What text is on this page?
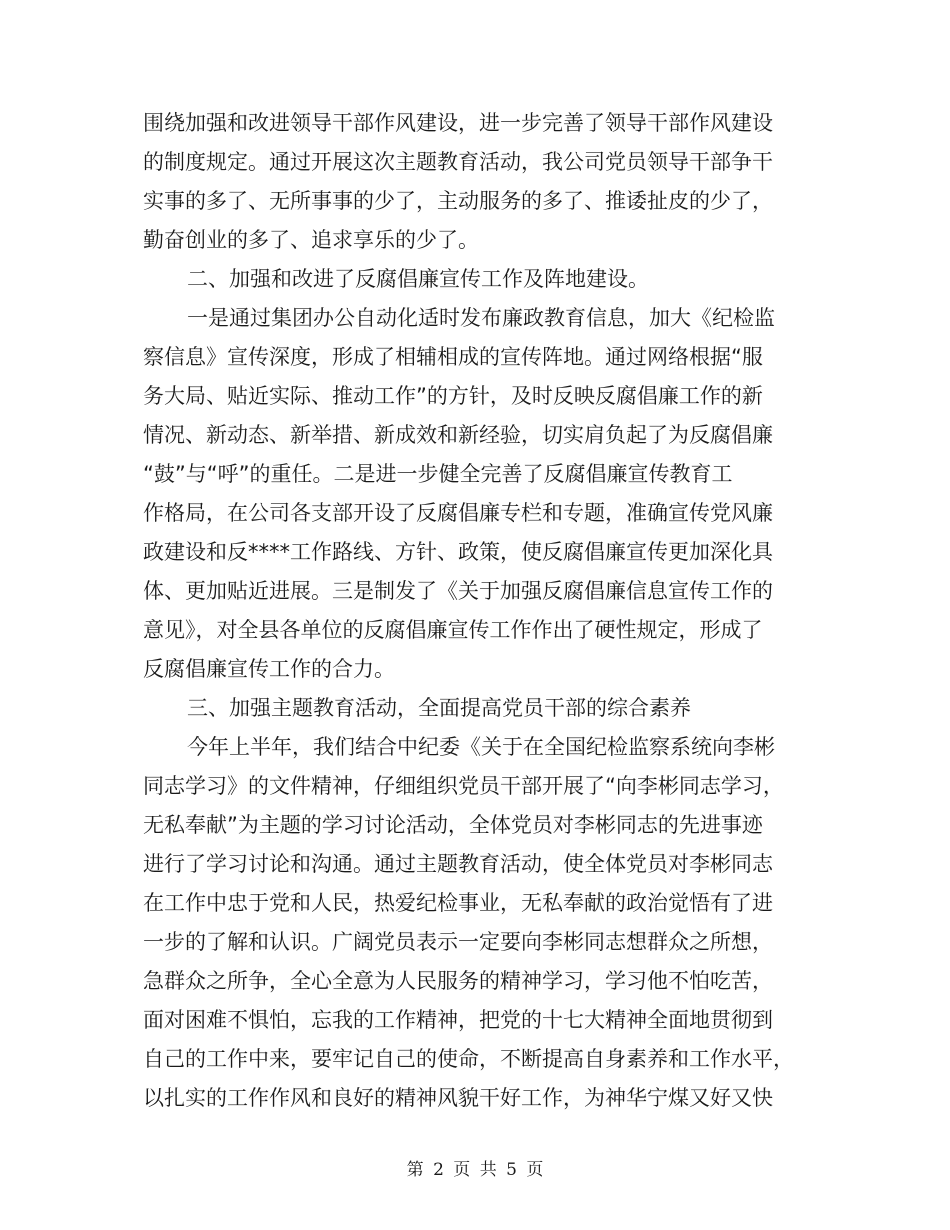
围绕加强和改进领导干部作风建设，进一步完善了领导干部作风建设
的制度规定。通过开展这次主题教育活动，我公司党员领导干部争干
实事的多了、无所事事的少了，主动服务的多了、推诿扯皮的少了，
勤奋创业的多了、追求享乐的少了。
二、加强和改进了反腐倡廉宣传工作及阵地建设。
一是通过集团办公自动化适时发布廉政教育信息，加大《纪检监
察信息》宣传深度，形成了相辅相成的宣传阵地。通过网络根据“服
务大局、贴近实际、推动工作”的方针，及时反映反腐倡廉工作的新
情况、新动态、新举措、新成效和新经验，切实肩负起了为反腐倡廉
“鼓”与“呼”的重任。二是进一步健全完善了反腐倡廉宣传教育工
作格局，在公司各支部开设了反腐倡廉专栏和专题，准确宣传党风廉
政建设和反****工作路线、方针、政策，使反腐倡廉宣传更加深化具
体、更加贴近进展。三是制发了《关于加强反腐倡廉信息宣传工作的
意见》，对全县各单位的反腐倡廉宣传工作作出了硬性规定，形成了
反腐倡廉宣传工作的合力。
三、加强主题教育活动，全面提高党员干部的综合素养
今年上半年，我们结合中纪委《关于在全国纪检监察系统向李彬
同志学习》的文件精神，仔细组织党员干部开展了“向李彬同志学习，
无私奉献”为主题的学习讨论活动，全体党员对李彬同志的先进事迹
进行了学习讨论和沟通。通过主题教育活动，使全体党员对李彬同志
在工作中忠于党和人民，热爱纪检事业，无私奉献的政治觉悟有了进
一步的了解和认识。广阔党员表示一定要向李彬同志想群众之所想，
急群众之所争，全心全意为人民服务的精神学习，学习他不怕吃苦，
面对困难不惧怕，忘我的工作精神，把党的十七大精神全面地贯彻到
自己的工作中来，要牢记自己的使命，不断提高自身素养和工作水平，
以扎实的工作作风和良好的精神风貌干好工作，为神华宁煤又好又快
第 2 页 共 5 页
